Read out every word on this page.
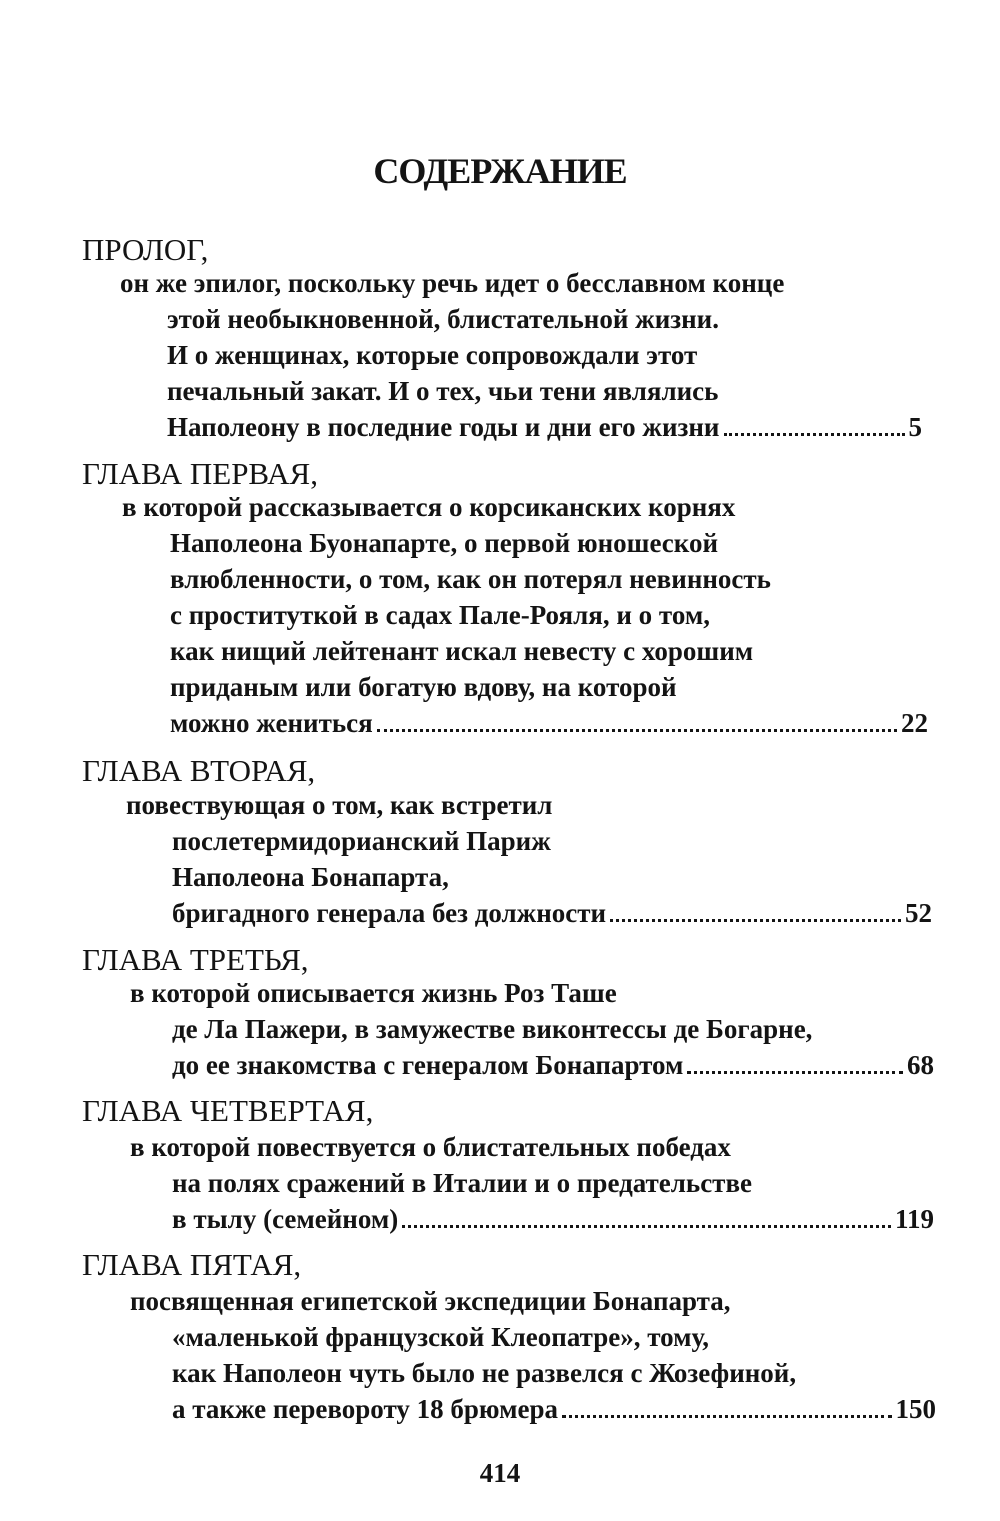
СОДЕРЖАНИЕ
ПРОЛОГ,
он же эпилог, поскольку речь идет о бесславном конце
этой необыкновенной, блистательной жизни.
И о женщинах, которые сопровождали этот
печальный закат. И о тех, чьи тени являлись
Наполеону в последние годы и дни его жизни	5
ГЛАВА ПЕРВАЯ,
в которой рассказывается о корсиканских корнях
Наполеона Буонапарте, о первой юношеской
влюбленности, о том, как он потерял невинность
с проституткой в садах Пале-Рояля, и о том,
как нищий лейтенант искал невесту с хорошим
приданым или богатую вдову, на которой
можно жениться	22
ГЛАВА ВТОРАЯ,
повествующая о том, как встретил
послетермидорианский Париж
Наполеона Бонапарта,
бригадного генерала без должности	52
ГЛАВА ТРЕТЬЯ,
в которой описывается жизнь Роз Таше
де Ла Пажери, в замужестве виконтессы де Богарне,
до ее знакомства с генералом Бонапартом	68
ГЛАВА ЧЕТВЕРТАЯ,
в которой повествуется о блистательных победах
на полях сражений в Италии и о предательстве
в тылу (семейном)	119
ГЛАВА ПЯТАЯ,
посвященная египетской экспедиции Бонапарта,
«маленькой французской Клеопатре», тому,
как Наполеон чуть было не развелся с Жозефиной,
а также перевороту 18 брюмера	150
414
